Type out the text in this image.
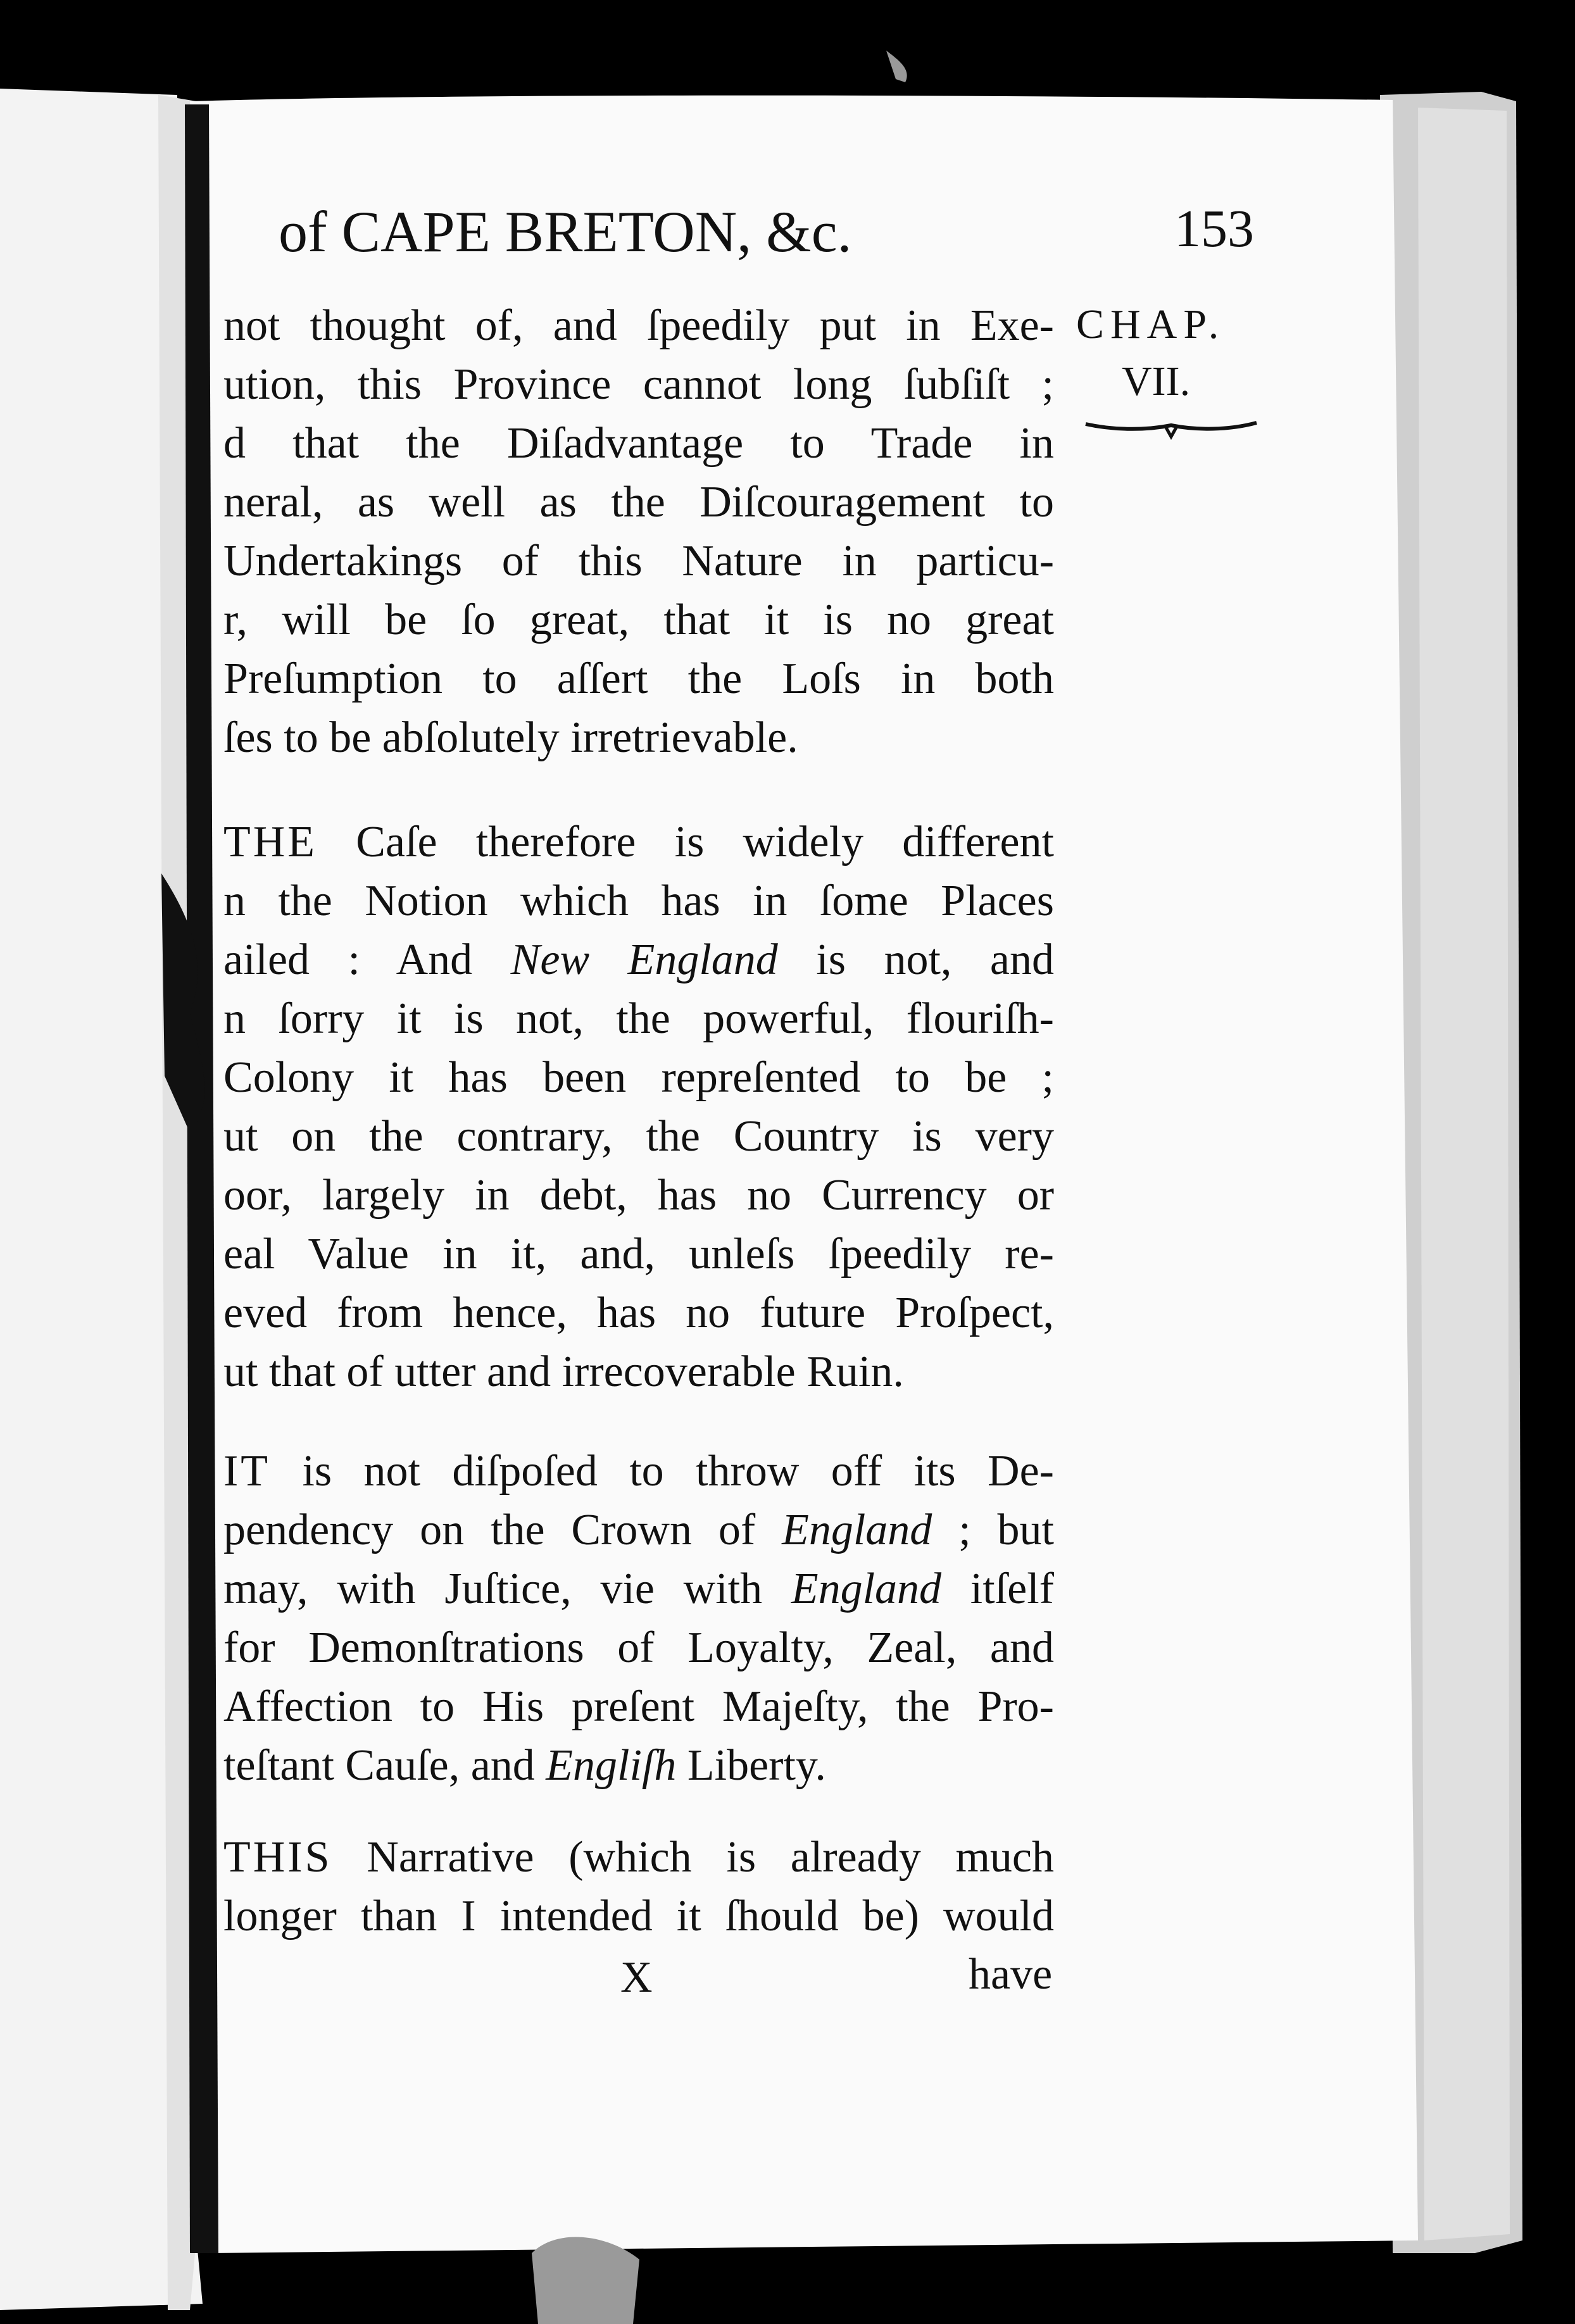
of CAPE BRETON, &c.	153
CHAP.
VII.
not thought of, and ſpeedily put in Exe-
ution, this Province cannot long ſubſiſt ;
d that the Diſadvantage to Trade in
neral, as well as the Diſcouragement to
Undertakings of this Nature in particu-
r, will be ſo great, that it is no great
Preſumption to aſſert the Loſs in both
ſes to be abſolutely irretrievable.
THE Caſe therefore is widely different
n the Notion which has in ſome Places
ailed : And New England is not, and
n ſorry it is not, the powerful, flouriſh-
Colony it has been repreſented to be ;
ut on the contrary, the Country is very
oor, largely in debt, has no Currency or
eal Value in it, and, unleſs ſpeedily re-
eved from hence, has no future Proſpect,
ut that of utter and irrecoverable Ruin.
IT is not diſpoſed to throw off its De-
pendency on the Crown of England ; but
may, with Juſtice, vie with England itſelf
for Demonſtrations of Loyalty, Zeal, and
Affection to His preſent Majeſty, the Pro-
teſtant Cauſe, and Engliſh Liberty.
THIS Narrative (which is already much
longer than I intended it ſhould be) would
X	have
